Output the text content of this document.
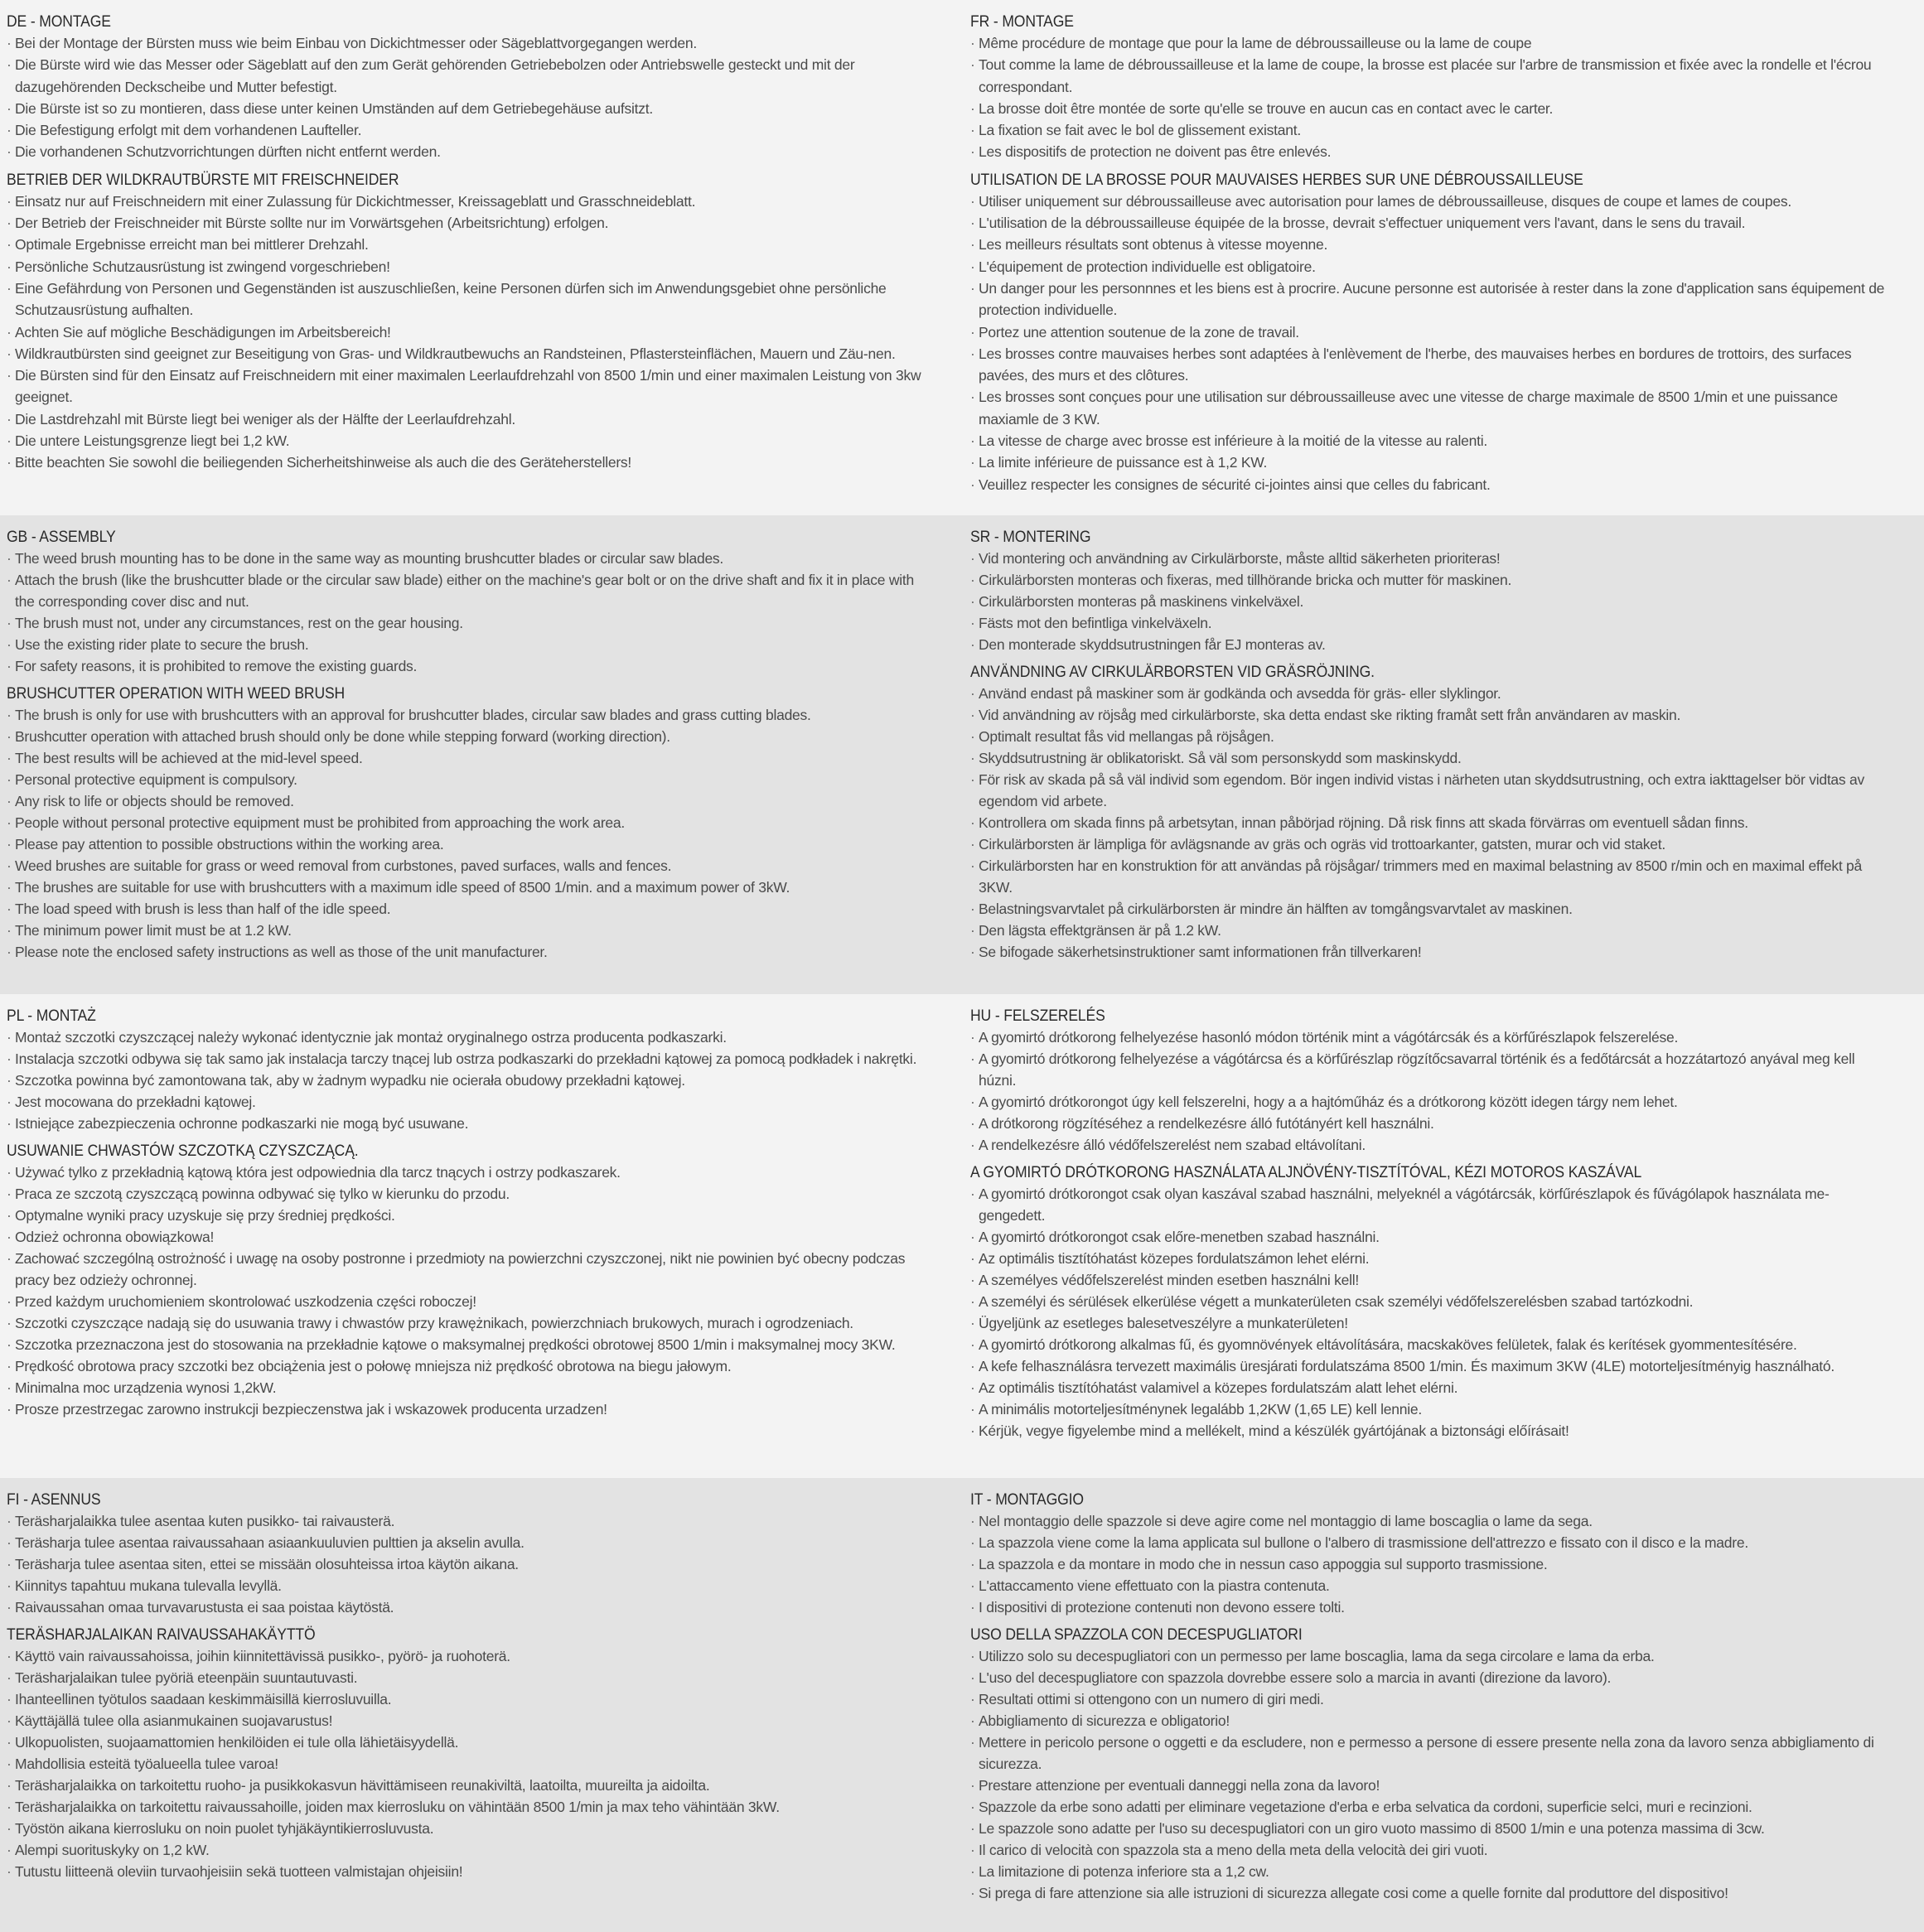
DE - MONTAGE
· Bei der Montage der Bürsten muss wie beim Einbau von Dickichtmesser oder Sägeblattvorgegangen werden.
· Die Bürste wird wie das Messer oder Sägeblatt auf den zum Gerät gehörenden Getriebebolzen oder Antriebswelle gesteckt und mit der dazugehörenden Deckscheibe und Mutter befestigt.
· Die Bürste ist so zu montieren, dass diese unter keinen Umständen auf dem Getriebegehäuse aufsitzt.
· Die Befestigung erfolgt mit dem vorhandenen Laufteller.
· Die vorhandenen Schutzvorrichtungen dürften nicht entfernt werden.
BETRIEB DER WILDKRAUTBÜRSTE MIT FREISCHNEIDER
· Einsatz nur auf Freischneidern mit einer Zulassung für Dickichtmesser, Kreissageblatt und Grasschneideblatt.
· Der Betrieb der Freischneider mit Bürste sollte nur im Vorwärtsgehen (Arbeitsrichtung) erfolgen.
· Optimale Ergebnisse erreicht man bei mittlerer Drehzahl.
· Persönliche Schutzausrüstung ist zwingend vorgeschrieben!
· Eine Gefährdung von Personen und Gegenständen ist auszuschließen, keine Personen dürfen sich im Anwendungsgebiet ohne persönliche Schutzausrüstung aufhalten.
· Achten Sie auf mögliche Beschädigungen im Arbeitsbereich!
· Wildkrautbürsten sind geeignet zur Beseitigung von Gras- und Wildkrautbewuchs an Randsteinen, Pflastersteinflächen, Mauern und Zäu-nen.
· Die Bürsten sind für den Einsatz auf Freischneidern mit einer maximalen Leerlaufdrehzahl von 8500 1/min und einer maximalen Leistung von 3kw geeignet.
· Die Lastdrehzahl mit Bürste liegt bei weniger als der Hälfte der Leerlaufdrehzahl.
· Die untere Leistungsgrenze liegt bei 1,2 kW.
· Bitte beachten Sie sowohl die beiliegenden Sicherheitshinweise als auch die des Geräteherstellers!
FR - MONTAGE
· Même procédure de montage que pour la lame de débroussailleuse ou la lame de coupe
· Tout comme la lame de débroussailleuse et la lame de coupe, la brosse est placée sur l'arbre de transmission et fixée avec la rondelle et l'écrou correspondant.
· La brosse doit être montée de sorte qu'elle se trouve en aucun cas en contact avec le carter.
· La fixation se fait avec le bol de glissement existant.
· Les dispositifs de protection ne doivent pas être enlevés.
UTILISATION DE LA BROSSE POUR MAUVAISES HERBES SUR UNE DÉBROUSSAILLEUSE
· Utiliser uniquement sur débroussailleuse avec autorisation pour lames de débroussailleuse, disques de coupe et lames de coupes.
· L'utilisation de la débroussailleuse équipée de la brosse, devrait s'effectuer uniquement vers l'avant, dans le sens du travail.
· Les meilleurs résultats sont obtenus à vitesse moyenne.
· L'équipement de protection individuelle est obligatoire.
· Un danger pour les personnnes et les biens est à procrire. Aucune personne est autorisée à rester dans la zone d'application sans équipement de protection individuelle.
· Portez une attention soutenue de la zone de travail.
· Les brosses contre mauvaises herbes sont adaptées à l'enlèvement de l'herbe, des mauvaises herbes en bordures de trottoirs, des surfaces pavées, des murs et des clôtures.
· Les brosses sont conçues pour une utilisation sur débroussailleuse avec une vitesse de charge maximale de 8500 1/min et une puissance maxiamle de 3 KW.
· La vitesse de charge avec brosse est inférieure à la moitié de la vitesse au ralenti.
· La limite inférieure de puissance est à 1,2 KW.
· Veuillez respecter les consignes de sécurité ci-jointes ainsi que celles du fabricant.
GB - ASSEMBLY
· The weed brush mounting has to be done in the same way as mounting brushcutter blades or circular saw blades.
· Attach the brush (like the brushcutter blade or the circular saw blade) either on the machine's gear bolt or on the drive shaft and fix it in place with the corresponding cover disc and nut.
· The brush must not, under any circumstances, rest on the gear housing.
· Use the existing rider plate to secure the brush.
· For safety reasons, it is prohibited to remove the existing guards.
BRUSHCUTTER OPERATION WITH WEED BRUSH
· The brush is only for use with brushcutters with an approval for brushcutter blades, circular saw blades and grass cutting blades.
· Brushcutter operation with attached brush should only be done while stepping forward (working direction).
· The best results will be achieved at the mid-level speed.
· Personal protective equipment is compulsory.
· Any risk to life or objects should be removed.
· People without personal protective equipment must be prohibited from approaching the work area.
· Please pay attention to possible obstructions within the working area.
· Weed brushes are suitable for grass or weed removal from curbstones, paved surfaces, walls and fences.
· The brushes are suitable for use with brushcutters with a maximum idle speed of 8500 1/min. and a maximum power of 3kW.
· The load speed with brush is less than half of the idle speed.
· The minimum power limit must be at 1.2 kW.
· Please note the enclosed safety instructions as well as those of the unit manufacturer.
SR - MONTERING
· Vid montering och användning av Cirkulärborste, måste alltid säkerheten prioriteras!
· Cirkulärborsten monteras och fixeras, med tillhörande bricka och mutter för maskinen.
· Cirkulärborsten monteras på maskinens vinkelväxel.
· Fästs mot den befintliga vinkelväxeln.
· Den monterade skyddsutrustningen får EJ monteras av.
ANVÄNDNING AV CIRKULÄRBORSTEN VID GRÄSRÖJNING.
· Använd endast på maskiner som är godkända och avsedda för gräs- eller slyklingor.
· Vid användning av röjsåg med cirkulärborste, ska detta endast ske rikting framåt sett från användaren av maskin.
· Optimalt resultat fås vid mellangas på röjsågen.
· Skyddsutrustning är oblikatoriskt. Så väl som personskydd som maskinskydd.
· För risk av skada på så väl individ som egendom. Bör ingen individ vistas i närheten utan skyddsutrustning, och extra iakttagelser bör vidtas av egendom vid arbete.
· Kontrollera om skada finns på arbetsytan, innan påbörjad röjning. Då risk finns att skada förvärras om eventuell sådan finns.
· Cirkulärborsten är lämpliga för avlägsnande av gräs och ogräs vid trottoarkanter, gatsten, murar och vid staket.
· Cirkulärborsten har en konstruktion för att användas på röjsågar/ trimmers med en maximal belastning av 8500 r/min och en maximal effekt på 3KW.
· Belastningsvarvtalet på cirkulärborsten är mindre än hälften av tomgångsvarvtalet av maskinen.
· Den lägsta effektgränsen är på 1.2 kW.
· Se bifogade säkerhetsinstruktioner samt informationen från tillverkaren!
PL - MONTAŻ
· Montaż szczotki czyszczącej należy wykonać identycznie jak montaż oryginalnego ostrza producenta podkaszarki.
· Instalacja szczotki odbywa się tak samo jak instalacja tarczy tnącej lub ostrza podkaszarki do przekładni kątowej za pomocą podkładek i nakrętki.
· Szczotka powinna być zamontowana tak, aby w żadnym wypadku nie ocierała obudowy przekładni kątowej.
· Jest mocowana do przekładni kątowej.
· Istniejące zabezpieczenia ochronne podkaszarki nie mogą być usuwane.
USUWANIE CHWASTÓW SZCZOTKĄ CZYSZCZĄCĄ.
· Używać tylko z przekładnią kątową która jest odpowiednia dla tarcz tnących i ostrzy podkaszarek.
· Praca ze szczotą czyszczącą powinna odbywać się tylko w kierunku do przodu.
· Optymalne wyniki pracy uzyskuje się przy średniej prędkości.
· Odzież ochronna obowiązkowa!
· Zachować szczególną ostrożność i uwagę na osoby postronne i przedmioty na powierzchni czyszczonej, nikt nie powinien być obecny podczas pracy bez odzieży ochronnej.
· Przed każdym uruchomieniem skontrolować uszkodzenia części roboczej!
· Szczotki czyszczące nadają się do usuwania trawy i chwastów przy krawężnikach, powierzchniach brukowych, murach i ogrodzeniach.
· Szczotka przeznaczona jest do stosowania na przekładnie kątowe o maksymalnej prędkości obrotowej 8500 1/min i maksymalnej mocy 3KW.
· Prędkość obrotowa pracy szczotki bez obciążenia jest o połowę mniejsza niż prędkość obrotowa na biegu jałowym.
· Minimalna moc urządzenia wynosi 1,2kW.
· Prosze przestrzegac zarowno instrukcji bezpieczenstwa jak i wskazowek producenta urzadzen!
HU - FELSZERELÉS
· A gyomirtó drótkorong felhelyezése hasonló módon történik mint a vágótárcsák és a körfűrészlapok felszerelése.
· A gyomirtó drótkorong felhelyezése a vágótárcsa és a körfűrészlap rögzítőcsavarral történik és a fedőtárcsát a hozzátartozó anyával meg kell húzni.
· A gyomirtó drótkorongot úgy kell felszerelni, hogy a a hajtóműház és a drótkorong között idegen tárgy nem lehet.
· A drótkorong rögzítéséhez a rendelkezésre álló futótányért kell használni.
· A rendelkezésre álló védőfelszerelést nem szabad eltávolítani.
A GYOMIRTÓ DRÓTKORONG HASZNÁLATA ALJNÖVÉNY-TISZTÍTÓVAL, KÉZI MOTOROS KASZÁVAL
· A gyomirtó drótkorongot csak olyan kaszával szabad használni, melyeknél a vágótárcsák, körfűrészlapok és fűvágólapok használata me-gengedett.
· A gyomirtó drótkorongot csak előre-menetben szabad használni.
· Az optimális tisztítóhatást közepes fordulatszámon lehet elérni.
· A személyes védőfelszerelést minden esetben használni kell!
· A személyi és sérülések elkerülése végett a munkaterületen csak személyi védőfelszerelésben szabad tartózkodni.
· Ügyeljünk az esetleges balesetveszélyre a munkaterületen!
· A gyomirtó drótkorong alkalmas fű, és gyomnövények eltávolítására, macskaköves felületek, falak és kerítések gyommentesítésére.
· A kefe felhasználásra tervezett maximális üresjárati fordulatszáma 8500 1/min. És maximum 3KW (4LE) motorteljesítményig használható.
· Az optimális tisztítóhatást valamivel a közepes fordulatszám alatt lehet elérni.
· A minimális motorteljesítménynek legalább 1,2KW (1,65 LE) kell lennie.
· Kérjük, vegye figyelembe mind a mellékelt, mind a készülék gyártójának a biztonsági előírásait!
FI - ASENNUS
· Teräsharjalaikka tulee asentaa kuten pusikko- tai raivausterä.
· Teräsharja tulee asentaa raivaussahaan asiaankuuluvien pulttien ja akselin avulla.
· Teräsharja tulee asentaa siten, ettei se missään olosuhteissa irtoa käytön aikana.
· Kiinnitys tapahtuu mukana tulevalla levyllä.
· Raivaussahan omaa turvavarustusta ei saa poistaa käytöstä.
TERÄSHARJALAIKAN RAIVAUSSAHAKÄYTTÖ
· Käyttö vain raivaussahoissa, joihin kiinnitettävissä pusikko-, pyörö- ja ruohoterä.
· Teräsharjalaikan tulee pyöriä eteenpäin suuntautuvasti.
· Ihanteellinen työtulos saadaan keskimmäisillä kierrosluvuilla.
· Käyttäjällä tulee olla asianmukainen suojavarustus!
· Ulkopuolisten, suojaamattomien henkilöiden ei tule olla lähietäisyydellä.
· Mahdollisia esteitä työalueella tulee varoa!
· Teräsharjalaikka on tarkoitettu ruoho- ja pusikkokasvun hävittämiseen reunakiviltä, laatoilta, muureilta ja aidoilta.
· Teräsharjalaikka on tarkoitettu raivaussahoille, joiden max kierrosluku on vähintään 8500 1/min ja max teho vähintään 3kW.
· Työstön aikana kierrosluku on noin puolet tyhjäkäyntikierrosluvusta.
· Alempi suorituskyky on 1,2 kW.
· Tutustu liitteenä oleviin turvaohjeisiin sekä tuotteen valmistajan ohjeisiin!
IT - MONTAGGIO
· Nel montaggio delle spazzole si deve agire come nel montaggio di lame boscaglia o lame da sega.
· La spazzola viene come la lama applicata sul bullone o l'albero di trasmissione dell'attrezzo e fissato con il disco e la madre.
· La spazzola e da montare in modo che in nessun caso appoggia sul supporto trasmissione.
· L'attaccamento viene effettuato con la piastra contenuta.
· I dispositivi di protezione contenuti non devono essere tolti.
USO DELLA SPAZZOLA CON DECESPUGLIATORI
· Utilizzo solo su decespugliatori con un permesso per lame boscaglia, lama da sega circolare e lama da erba.
· L'uso del decespugliatore con spazzola dovrebbe essere solo a marcia in avanti (direzione da lavoro).
· Resultati ottimi si ottengono con un numero di giri medi.
· Abbigliamento di sicurezza e obligatorio!
· Mettere in pericolo persone o oggetti e da escludere, non e permesso a persone di essere presente nella zona da lavoro senza abbigliamento di sicurezza.
· Prestare attenzione per eventuali danneggi nella zona da lavoro!
· Spazzole da erbe sono adatti per eliminare vegetazione d'erba e erba selvatica da cordoni, superficie selci, muri e recinzioni.
· Le spazzole sono adatte per l'uso su decespugliatori con un giro vuoto massimo di 8500 1/min e una potenza massima di 3cw.
· Il carico di velocità con spazzola sta a meno della meta della velocità dei giri vuoti.
· La limitazione di potenza inferiore sta a 1,2 cw.
· Si prega di fare attenzione sia alle istruzioni di sicurezza allegate cosi come a quelle fornite dal produttore del dispositivo!
